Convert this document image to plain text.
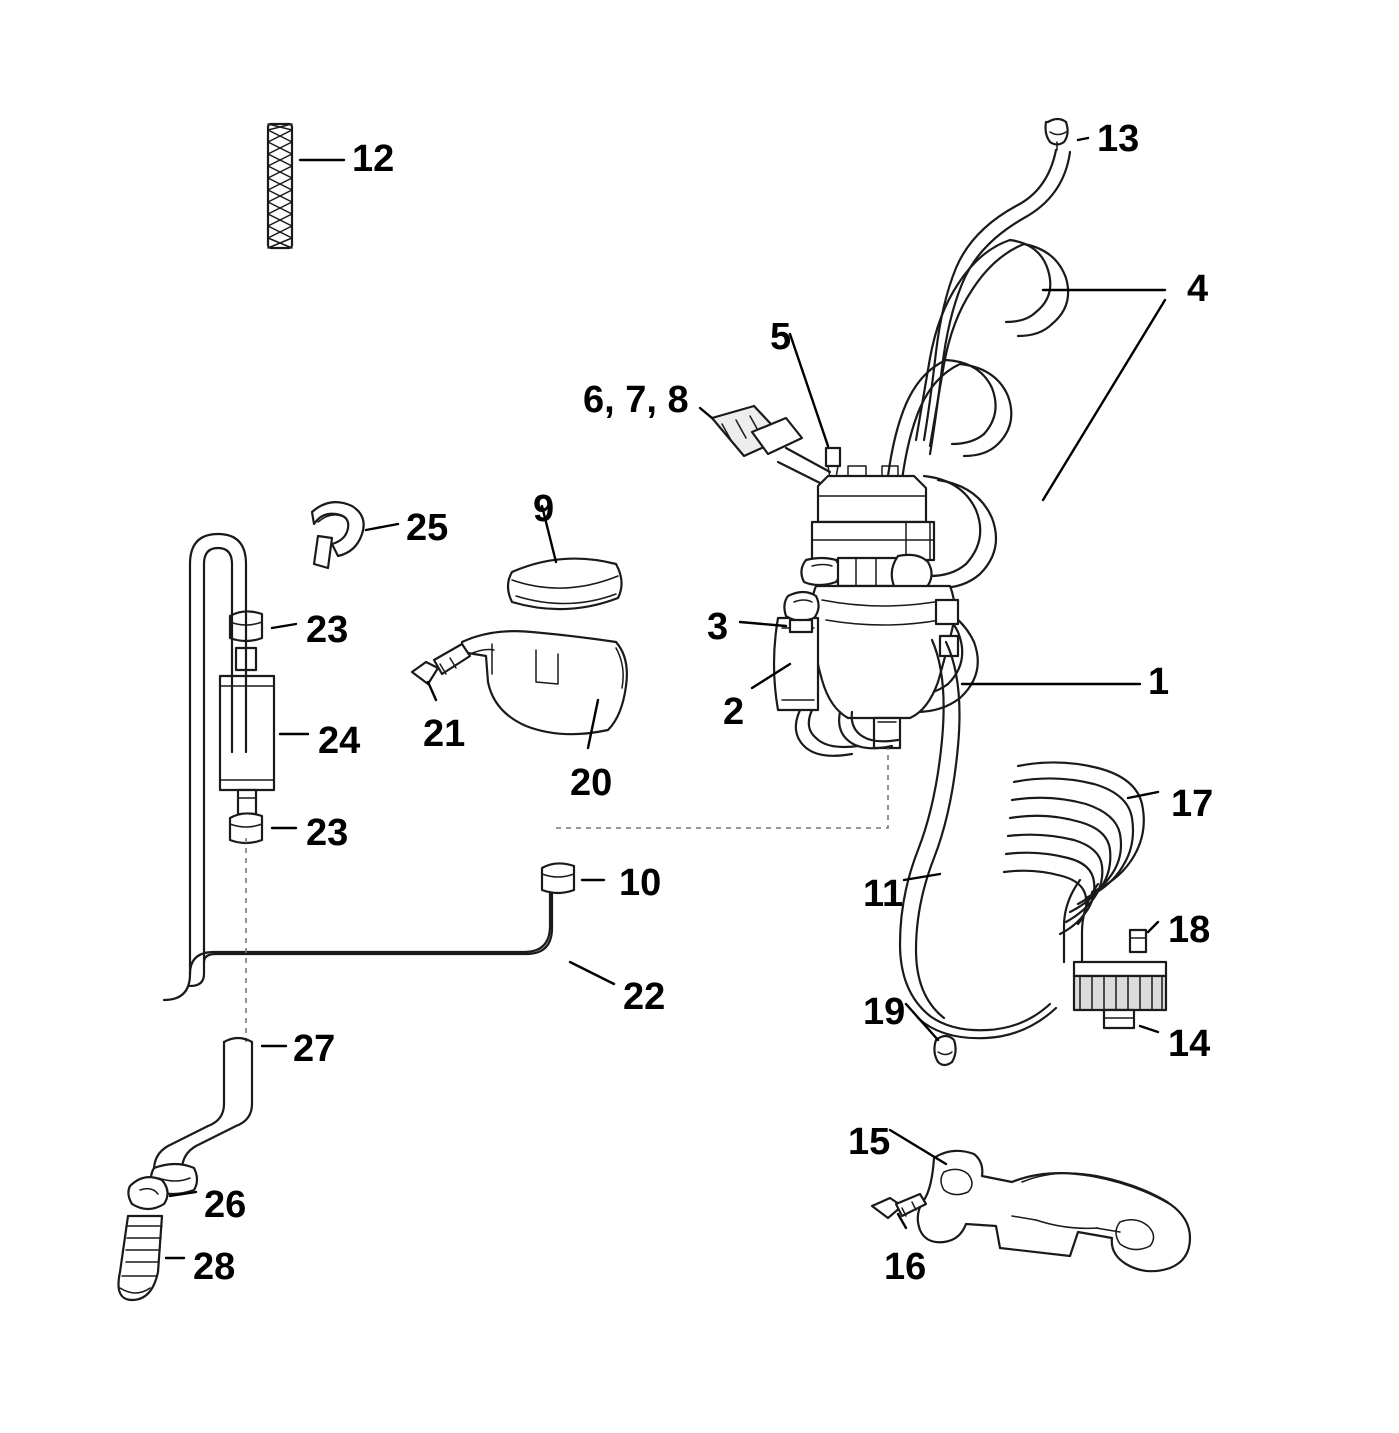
12	13
4
5
6, 7, 8
25 9
23	3
21
24
2
1
20	17
23
10	11
18
22	19
14
27
15
26
28	16
